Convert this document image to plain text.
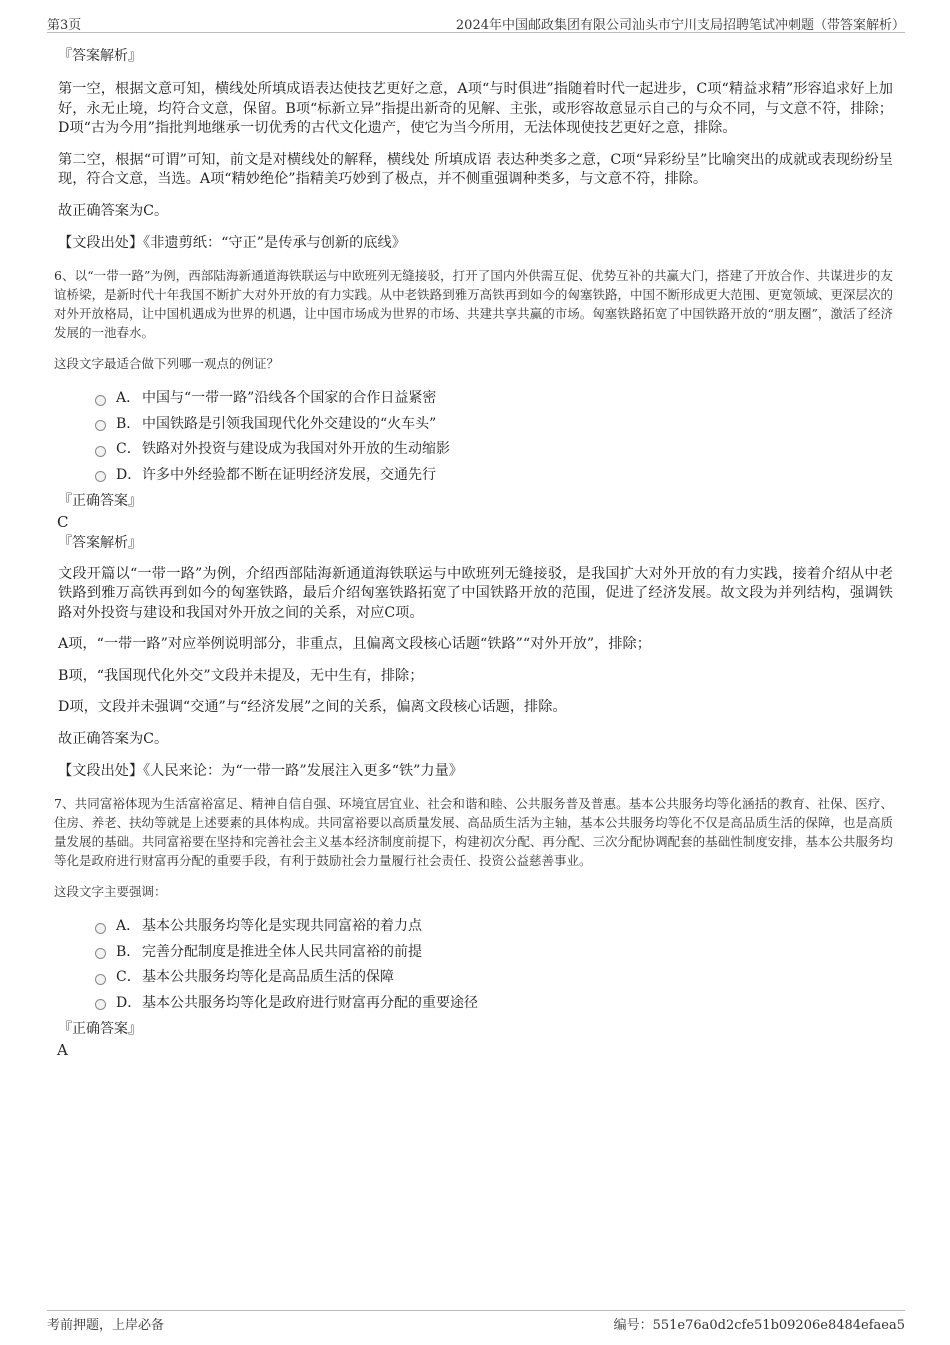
第3页	2024年中国邮政集团有限公司汕头市宁川支局招聘笔试冲刺题（带答案解析）
『答案解析』

第一空，根据文意可知，横线处所填成语表达使技艺更好之意，A项“与时俱进”指随着时代一起进步，C项“精益求精”形容追求好上加好，永无止境，均符合文意，保留。B项“标新立异”指提出新奇的见解、主张，或形容故意显示自己的与众不同，与文意不符，排除；D项“古为今用”指批判地继承一切优秀的古代文化遗产，使它为当今所用，无法体现使技艺更好之意，排除。

第二空，根据“可谓”可知，前文是对横线处的解释，横线处 所填成语 表达种类多之意，C项“异彩纷呈”比喻突出的成就或表现纷纷呈现，符合文意，当选。A项“精妙绝伦”指精美巧妙到了极点，并不侧重强调种类多，与文意不符，排除。

故正确答案为C。

【文段出处】《非遗剪纸：“守正”是传承与创新的底线》

6、以“一带一路”为例，西部陆海新通道海铁联运与中欧班列无缝接驳，打开了国内外供需互促、优势互补的共赢大门，搭建了开放合作、共谋进步的友谊桥梁，是新时代十年我国不断扩大对外开放的有力实践。从中老铁路到雅万高铁再到如今的匈塞铁路，中国不断形成更大范围、更宽领域、更深层次的对外开放格局，让中国机遇成为世界的机遇，让中国市场成为世界的市场、共建共享共赢的市场。匈塞铁路拓宽了中国铁路开放的“朋友圈”，激活了经济发展的一池春水。

这段文字最适合做下列哪一观点的例证？

A． 中国与“一带一路”沿线各个国家的合作日益紧密
B． 中国铁路是引领我国现代化外交建设的“火车头”
C． 铁路对外投资与建设成为我国对外开放的生动缩影
D． 许多中外经验都不断在证明经济发展，交通先行
『正确答案』
C
『答案解析』

文段开篇以“一带一路”为例，介绍西部陆海新通道海铁联运与中欧班列无缝接驳，是我国扩大对外开放的有力实践，接着介绍从中老铁路到雅万高铁再到如今的匈塞铁路，最后介绍匈塞铁路拓宽了中国铁路开放的范围，促进了经济发展。故文段为并列结构，强调铁路对外投资与建设和我国对外开放之间的关系，对应C项。

A项，“一带一路”对应举例说明部分，非重点，且偏离文段核心话题“铁路”“对外开放”，排除；

B项，“我国现代化外交”文段并未提及，无中生有，排除；

D项，文段并未强调“交通”与“经济发展”之间的关系，偏离文段核心话题，排除。

故正确答案为C。

【文段出处】《人民来论：为“一带一路”发展注入更多“铁”力量》

7、共同富裕体现为生活富裕富足、精神自信自强、环境宜居宜业、社会和谐和睦、公共服务普及普惠。基本公共服务均等化涵括的教育、社保、医疗、住房、养老、扶幼等就是上述要素的具体构成。共同富裕要以高质量发展、高品质生活为主轴，基本公共服务均等化不仅是高品质生活的保障，也是高质量发展的基础。共同富裕要在坚持和完善社会主义基本经济制度前提下，构建初次分配、再分配、三次分配协调配套的基础性制度安排，基本公共服务均等化是政府进行财富再分配的重要手段，有利于鼓励社会力量履行社会责任、投资公益慈善事业。

这段文字主要强调：

A． 基本公共服务均等化是实现共同富裕的着力点
B． 完善分配制度是推进全体人民共同富裕的前提
C． 基本公共服务均等化是高品质生活的保障
D． 基本公共服务均等化是政府进行财富再分配的重要途径
『正确答案』
A
考前押题，上岸必备	编号：551e76a0d2cfe51b09206e8484efaea5
